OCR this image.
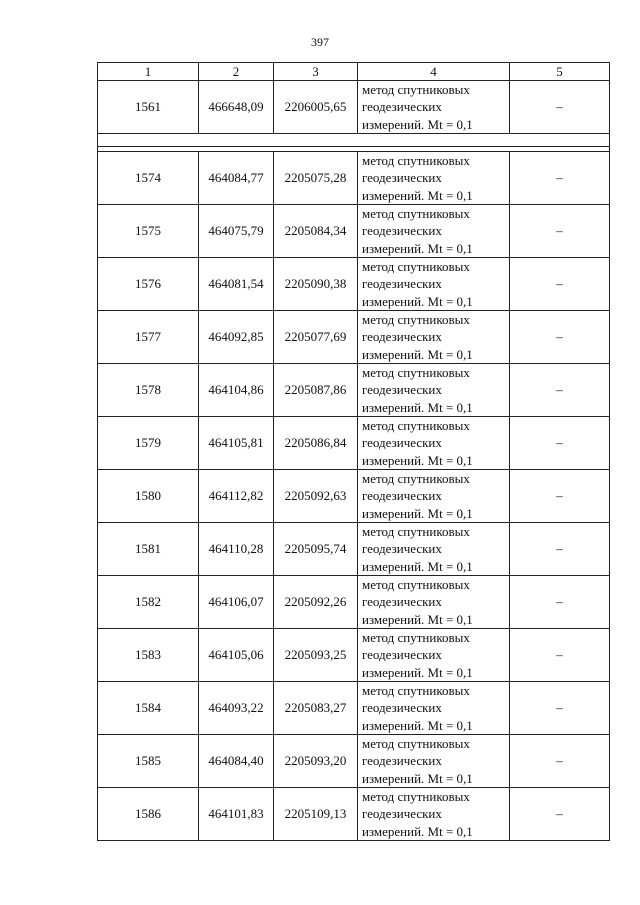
397
1	2	3	4	5
1561	466648,09	2206005,65	метод спутниковых
геодезических
измерений. Mt = 0,1	–

1574	464084,77	2205075,28	метод спутниковых
геодезических
измерений. Mt = 0,1	–
1575	464075,79	2205084,34	метод спутниковых
геодезических
измерений. Mt = 0,1	–
1576	464081,54	2205090,38	метод спутниковых
геодезических
измерений. Mt = 0,1	–
1577	464092,85	2205077,69	метод спутниковых
геодезических
измерений. Mt = 0,1	–
1578	464104,86	2205087,86	метод спутниковых
геодезических
измерений. Mt = 0,1	–
1579	464105,81	2205086,84	метод спутниковых
геодезических
измерений. Mt = 0,1	–
1580	464112,82	2205092,63	метод спутниковых
геодезических
измерений. Mt = 0,1	–
1581	464110,28	2205095,74	метод спутниковых
геодезических
измерений. Mt = 0,1	–
1582	464106,07	2205092,26	метод спутниковых
геодезических
измерений. Mt = 0,1	–
1583	464105,06	2205093,25	метод спутниковых
геодезических
измерений. Mt = 0,1	–
1584	464093,22	2205083,27	метод спутниковых
геодезических
измерений. Mt = 0,1	–
1585	464084,40	2205093,20	метод спутниковых
геодезических
измерений. Mt = 0,1	–
1586	464101,83	2205109,13	метод спутниковых
геодезических
измерений. Mt = 0,1	–
